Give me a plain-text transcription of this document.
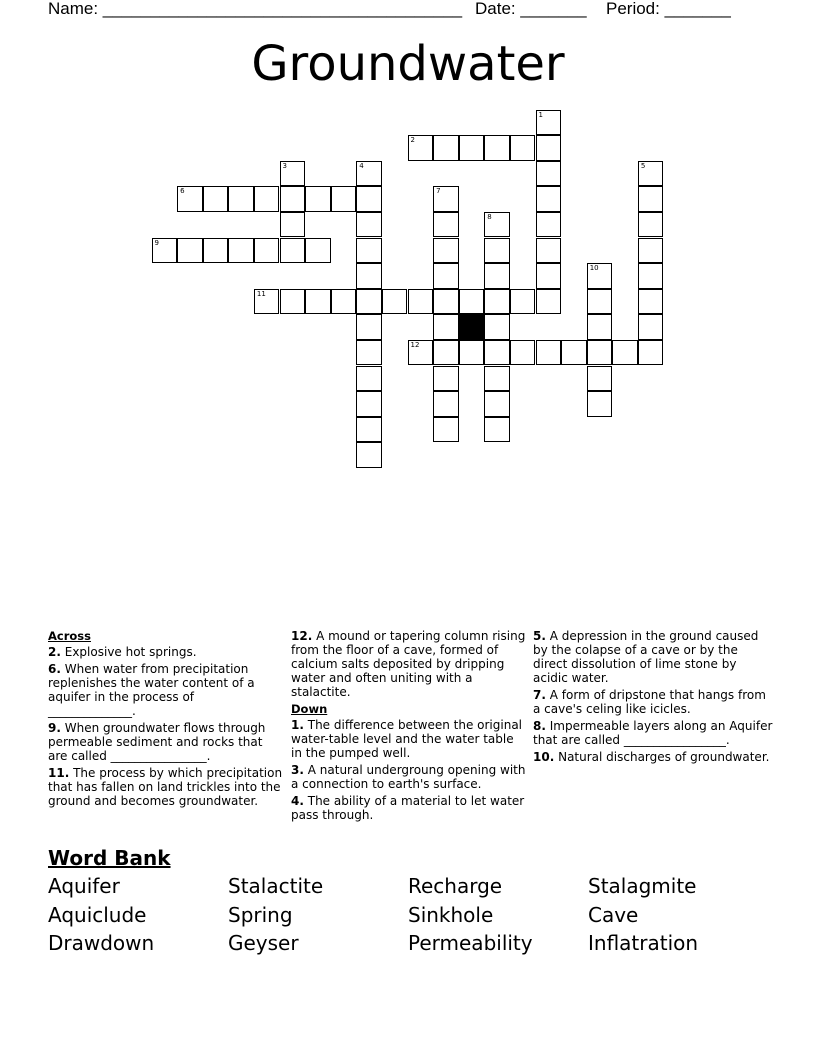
Name: ______________________________________

Date: _______

Period: _______

Groundwater
2
6
9
11
12
1
3	4	5
7
8
10
Across
2. Explosive hot springs.
6. When water from precipitation replenishes the water content of a aquifer in the process of ______________.
9. When groundwater flows through permeable sediment and rocks that are called ________________.
11. The process by which precipitation that has fallen on land trickles into the ground and becomes groundwater.
12. A mound or tapering column rising from the floor of a cave, formed of calcium salts deposited by dripping water and often uniting with a stalactite.
Down
1. The difference between the original water-table level and the water table in the pumped well.
3. A natural undergroung opening with a connection to earth's surface.
4. The ability of a material to let water pass through.
5. A depression in the ground caused by the colapse of a cave or by the direct dissolution of lime stone by acidic water.
7. A form of dripstone that hangs from a cave's celing like icicles.
8. Impermeable layers along an Aquifer that are called _________________.
10. Natural discharges of groundwater.
Word Bank
Aquifer	Stalactite	Recharge	Stalagmite
Aquiclude	Spring	Sinkhole	Cave
Drawdown	Geyser	Permeability	Inflatration
